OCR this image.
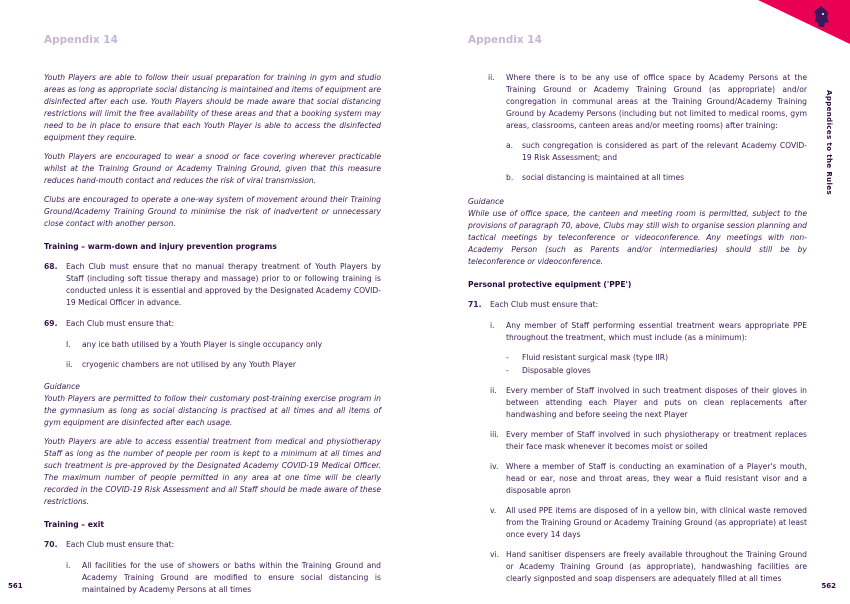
Appendix 14

Youth Players are able to follow their usual preparation for training in gym and studio areas as long as appropriate social distancing is maintained and items of equipment are disinfected after each use. Youth Players should be made aware that social distancing restrictions will limit the free availability of these areas and that a booking system may need to be in place to ensure that each Youth Player is able to access the disinfected equipment they require.

Youth Players are encouraged to wear a snood or face covering wherever practicable whilst at the Training Ground or Academy Training Ground, given that this measure reduces hand-mouth contact and reduces the risk of viral transmission.

Clubs are encouraged to operate a one-way system of movement around their Training Ground/Academy Training Ground to minimise the risk of inadvertent or unnecessary close contact with another person.

Training – warm-down and injury prevention programs
68.	Each Club must ensure that no manual therapy treatment of Youth Players by Staff (including soft tissue therapy and massage) prior to or following training is conducted unless it is essential and approved by the Designated Academy COVID-19 Medical Officer in advance.
69.	Each Club must ensure that:
I.	any ice bath utilised by a Youth Player is single occupancy only
ii.	cryogenic chambers are not utilised by any Youth Player

Guidance

Youth Players are permitted to follow their customary post-training exercise program in the gymnasium as long as social distancing is practised at all times and all items of gym equipment are disinfected after each usage.

Youth Players are able to access essential treatment from medical and physiotherapy Staff as long as the number of people per room is kept to a minimum at all times and such treatment is pre-approved by the Designated Academy COVID-19 Medical Officer. The maximum number of people permitted in any area at one time will be clearly recorded in the COVID-19 Risk Assessment and all Staff should be made aware of these restrictions.

Training – exit
70.	Each Club must ensure that:
i.	All facilities for the use of showers or baths within the Training Ground and Academy Training Ground are modified to ensure social distancing is maintained by Academy Persons at all times
561
Appendix 14
ii.	Where there is to be any use of office space by Academy Persons at the Training Ground or Academy Training Ground (as appropriate) and/or congregation in communal areas at the Training Ground/Academy Training Ground by Academy Persons (including but not limited to medical rooms, gym areas, classrooms, canteen areas and/or meeting rooms) after training:
a.	such congregation is considered as part of the relevant Academy COVID-19 Risk Assessment; and
b.	social distancing is maintained at all times

Guidance

While use of office space, the canteen and meeting room is permitted, subject to the provisions of paragraph 70, above, Clubs may still wish to organise session planning and tactical meetings by teleconference or videoconference. Any meetings with non-Academy Person (such as Parents and/or intermediaries) should still be by teleconference or videoconference.

Personal protective equipment ('PPE')
71.	Each Club must ensure that:
i.	Any member of Staff performing essential treatment wears appropriate PPE throughout the treatment, which must include (as a minimum):
-	Fluid resistant surgical mask (type IIR)
-	Disposable gloves
ii.	Every member of Staff involved in such treatment disposes of their gloves in between attending each Player and puts on clean replacements after handwashing and before seeing the next Player
iii. Every member of Staff involved in such physiotherapy or treatment replaces their face mask whenever it becomes moist or soiled
iv. Where a member of Staff is conducting an examination of a Player's mouth, head or ear, nose and throat areas, they wear a fluid resistant visor and a disposable apron
v.	All used PPE items are disposed of in a yellow bin, with clinical waste removed from the Training Ground or Academy Training Ground (as appropriate) at least once every 14 days
vi. Hand sanitiser dispensers are freely available throughout the Training Ground or Academy Training Ground (as appropriate), handwashing facilities are clearly signposted and soap dispensers are adequately filled at all times
Appendices to the Rules
562
